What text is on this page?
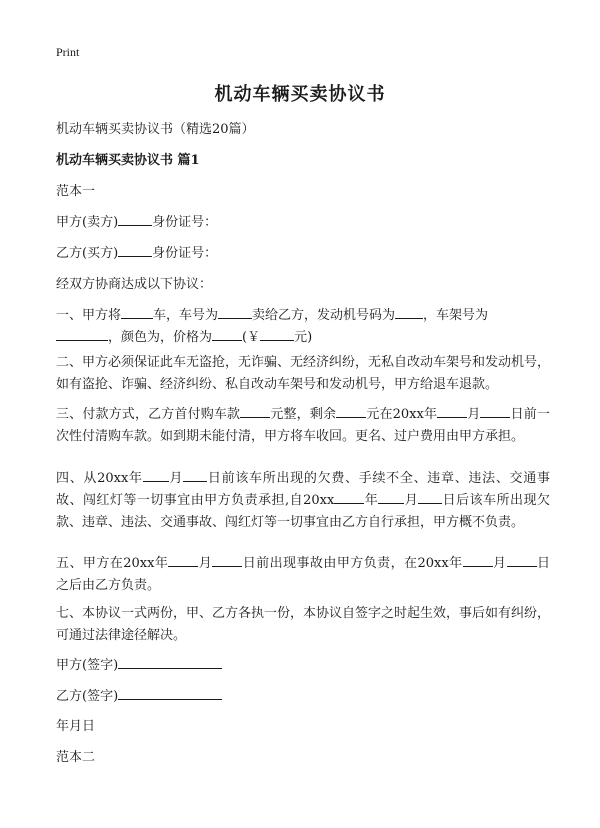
Print
机动车辆买卖协议书
机动车辆买卖协议书（精选20篇）
机动车辆买卖协议书 篇1
范本一
甲方(卖方)	身份证号：
乙方(买方)	身份证号：
经双方协商达成以下协议：
一、甲方将 车，车号为	卖给乙方，发动机号码为 ，车架号为
，颜色为，价格为 (￥	元)
二、甲方必须保证此车无盗抢，无诈骗、无经济纠纷，无私自改动车架号和发动机号，如有盗抢、诈骗、经济纠纷、私自改动车架号和发动机号，甲方给退车退款。
三、付款方式，乙方首付购车款 元整，剩余 元在20xx年 月 日前一次性付清购车款。如到期未能付清，甲方将车收回。更名、过户费用由甲方承担。
四、从20xx年 月 日前该车所出现的欠费、手续不全、违章、违法、交通事故、闯红灯等一切事宜由甲方负责承担,自20xx 年 月 日后该车所出现欠款、违章、违法、交通事故、闯红灯等一切事宜由乙方自行承担，甲方概不负责。
五、甲方在20xx年 月 日前出现事故由甲方负责，在20xx年 月 日之后由乙方负责。
七、本协议一式两份，甲、乙方各执一份，本协议自签字之时起生效，事后如有纠纷，可通过法律途径解决。
甲方(签字)
乙方(签字)
年月日
范本二
